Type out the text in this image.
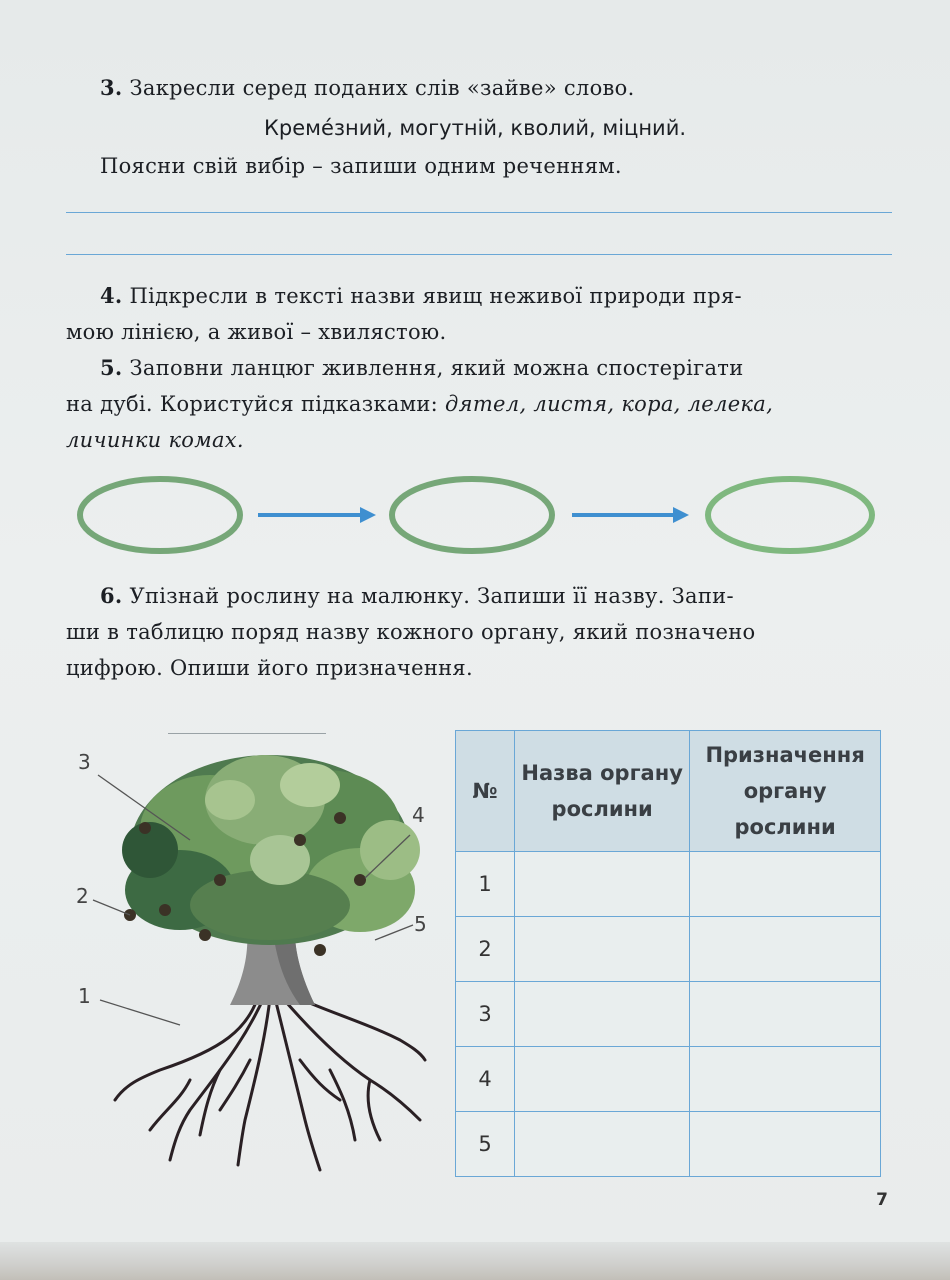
3. Закресли серед поданих слів «зайве» слово.
Кремéзний, могутній, кволий, міцний.
Поясни свій вибір – запиши одним реченням.
4. Підкресли в тексті назви явищ неживої природи пря-
мою лінією, а живої – хвилястою.
5. Заповни ланцюг живлення, який можна спостерігати
на дубі. Користуйся підказками: дятел, листя, кора, лелека,
личинки комах.
6. Упізнай рослину на малюнку. Запиши її назву. Запи-
ши в таблицю поряд назву кожного органу, який позначено
цифрою. Опиши його призначення.
3
4
2
5
1
№	Назва органу рослини	Призначення органу рослини
1		
2		
3		
4		
5		
7
